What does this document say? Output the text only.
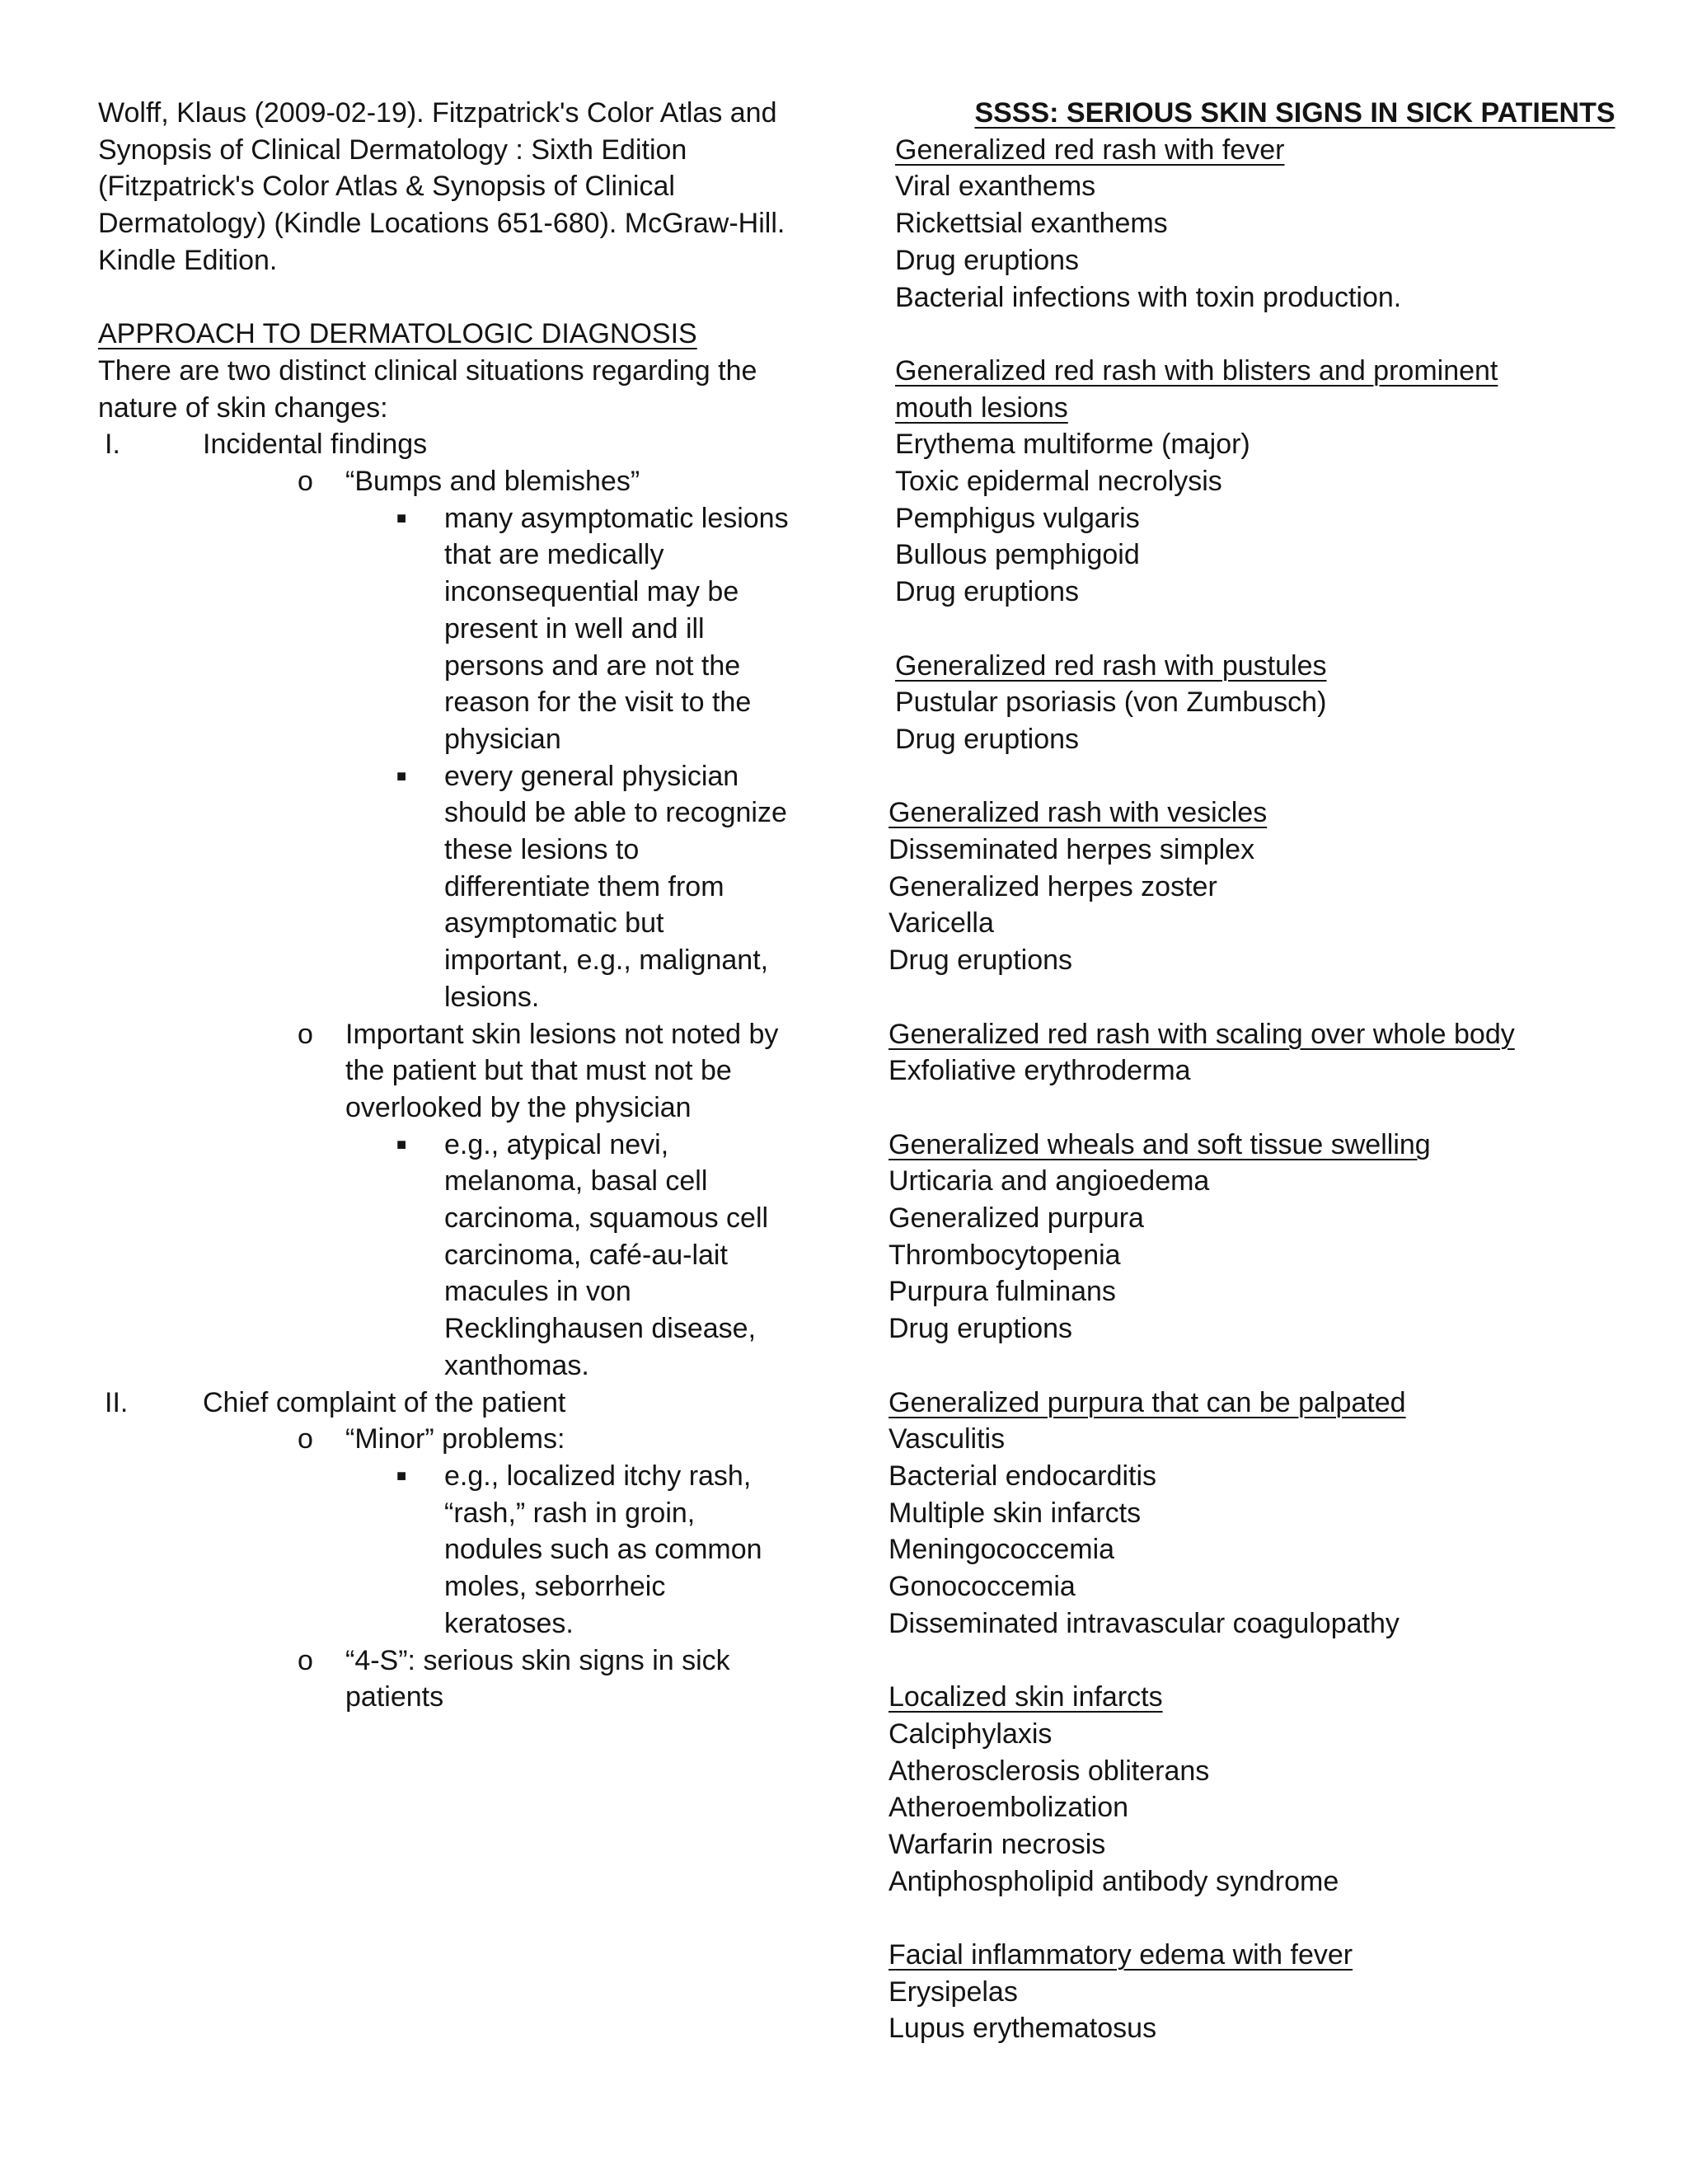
Wolff, Klaus (2009-02-19). Fitzpatrick's Color Atlas and
Synopsis of Clinical Dermatology : Sixth Edition
(Fitzpatrick's Color Atlas & Synopsis of Clinical
Dermatology) (Kindle Locations 651-680). McGraw-Hill.
Kindle Edition.
APPROACH TO DERMATOLOGIC DIAGNOSIS
There are two distinct clinical situations regarding the
nature of skin changes:
I.	Incidental findings
o “Bumps and blemishes”
■ many asymptomatic lesions
that are medically
inconsequential may be
present in well and ill
persons and are not the
reason for the visit to the
physician
■ every general physician
should be able to recognize
these lesions to
differentiate them from
asymptomatic but
important, e.g., malignant,
lesions.
o Important skin lesions not noted by
the patient but that must not be
overlooked by the physician
■ e.g., atypical nevi,
melanoma, basal cell
carcinoma, squamous cell
carcinoma, café-au-lait
macules in von
Recklinghausen disease,
xanthomas.
II.	Chief complaint of the patient
o “Minor” problems:
■ e.g., localized itchy rash,
“rash,” rash in groin,
nodules such as common
moles, seborrheic
keratoses.
o “4-S”: serious skin signs in sick
patients
SSSS: SERIOUS SKIN SIGNS IN SICK PATIENTS
Generalized red rash with fever
Viral exanthems
Rickettsial exanthems
Drug eruptions
Bacterial infections with toxin production.
Generalized red rash with blisters and prominent
mouth lesions
Erythema multiforme (major)
Toxic epidermal necrolysis
Pemphigus vulgaris
Bullous pemphigoid
Drug eruptions
Generalized red rash with pustules
Pustular psoriasis (von Zumbusch)
Drug eruptions
Generalized rash with vesicles
Disseminated herpes simplex
Generalized herpes zoster
Varicella
Drug eruptions
Generalized red rash with scaling over whole body
Exfoliative erythroderma
Generalized wheals and soft tissue swelling
Urticaria and angioedema
Generalized purpura
Thrombocytopenia
Purpura fulminans
Drug eruptions
Generalized purpura that can be palpated
Vasculitis
Bacterial endocarditis
Multiple skin infarcts
Meningococcemia
Gonococcemia
Disseminated intravascular coagulopathy
Localized skin infarcts
Calciphylaxis
Atherosclerosis obliterans
Atheroembolization
Warfarin necrosis
Antiphospholipid antibody syndrome
Facial inflammatory edema with fever
Erysipelas
Lupus erythematosus
